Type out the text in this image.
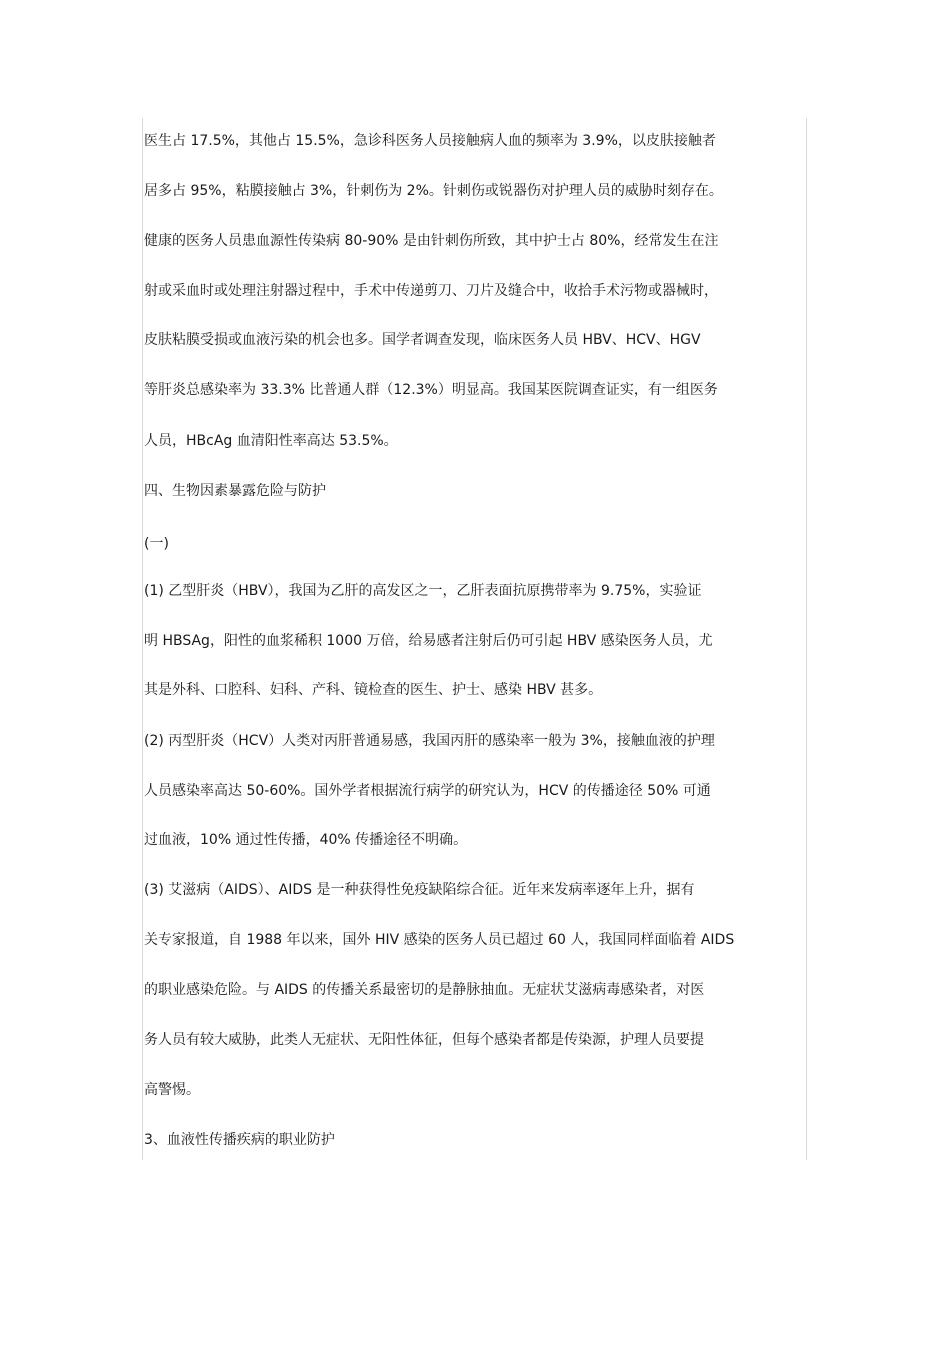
医生占 17.5%，其他占 15.5%，急诊科医务人员接触病人血的频率为 3.9%，以皮肤接触者
居多占 95%，粘膜接触占 3%，针刺伤为 2%。针刺伤或锐器伤对护理人员的威胁时刻存在。
健康的医务人员患血源性传染病 80-90% 是由针刺伤所致，其中护士占 80%，经常发生在注
射或采血时或处理注射器过程中，手术中传递剪刀、刀片及缝合中，收拾手术污物或器械时，
皮肤粘膜受损或血液污染的机会也多。国学者调查发现，临床医务人员 HBV、HCV、HGV
等肝炎总感染率为 33.3% 比普通人群（12.3%）明显高。我国某医院调查证实，有一组医务
人员，HBcAg 血清阳性率高达 53.5%。
四、生物因素暴露危险与防护
(一)
(1) 乙型肝炎（HBV），我国为乙肝的高发区之一，乙肝表面抗原携带率为 9.75%，实验证
明 HBSAg，阳性的血浆稀积 1000 万倍，给易感者注射后仍可引起 HBV 感染医务人员，尤
其是外科、口腔科、妇科、产科、镜检查的医生、护士、感染 HBV 甚多。
(2) 丙型肝炎（HCV）人类对丙肝普通易感，我国丙肝的感染率一般为 3%，接触血液的护理
人员感染率高达 50-60%。国外学者根据流行病学的研究认为，HCV 的传播途径 50% 可通
过血液，10% 通过性传播，40% 传播途径不明确。
(3) 艾滋病（AIDS）、AIDS 是一种获得性免疫缺陷综合征。近年来发病率逐年上升，据有
关专家报道，自 1988 年以来，国外 HIV 感染的医务人员已超过 60 人，我国同样面临着 AIDS
的职业感染危险。与 AIDS 的传播关系最密切的是静脉抽血。无症状艾滋病毒感染者，对医
务人员有较大威胁，此类人无症状、无阳性体征，但每个感染者都是传染源，护理人员要提
高警惕。
3、血液性传播疾病的职业防护
